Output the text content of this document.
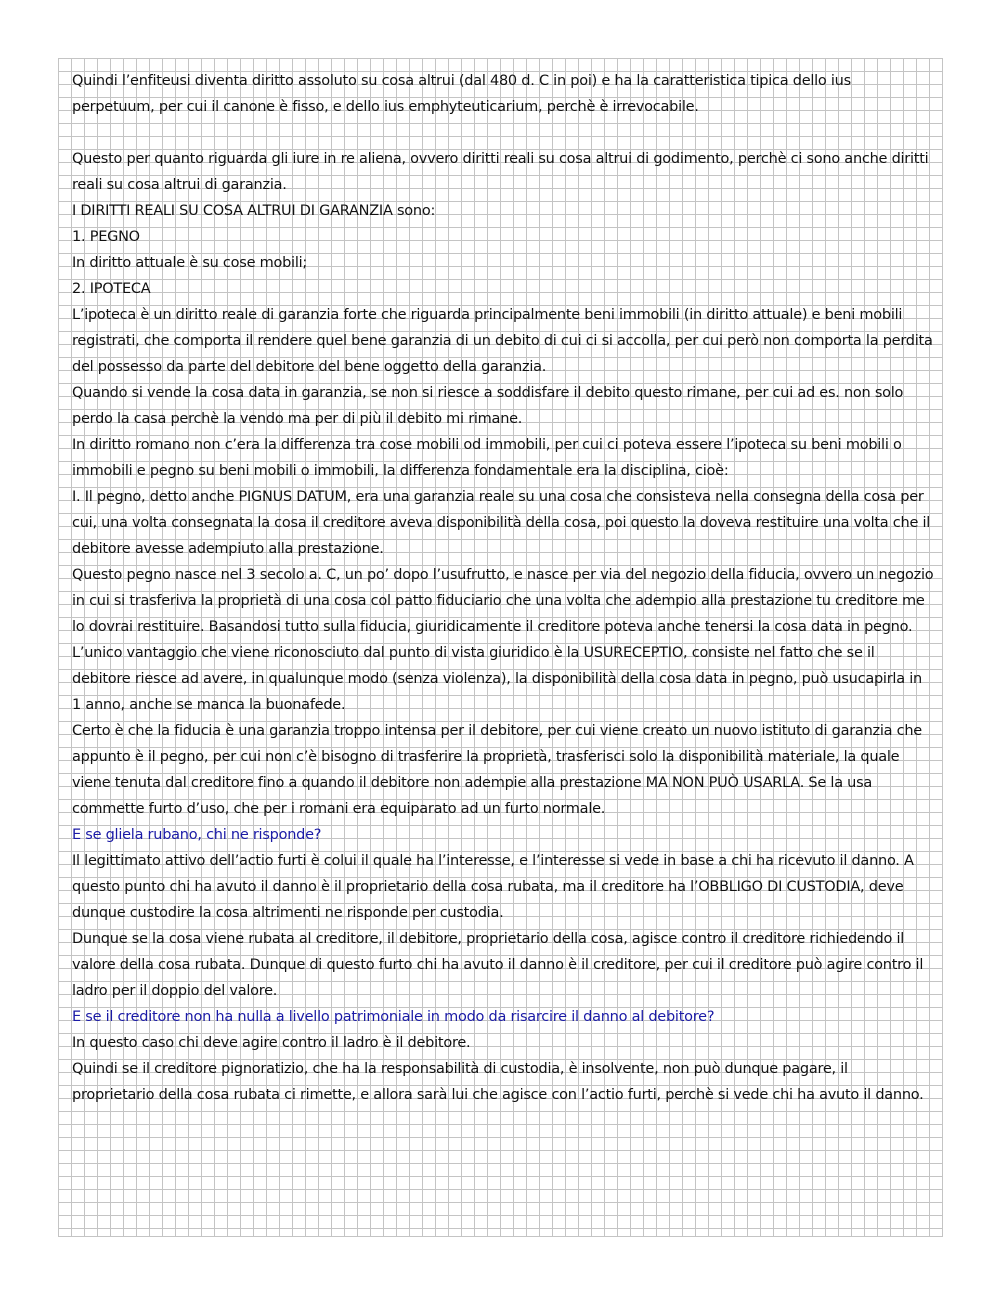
Quindi l’enfiteusi diventa diritto assoluto su cosa altrui (dal 480 d. C in poi) e ha la caratteristica tipica dello ius perpetuum, per cui il canone è fisso, e dello ius emphyteuticarium, perchè è irrevocabile.

Questo per quanto riguarda gli iure in re aliena, ovvero diritti reali su cosa altrui di godimento, perchè ci sono anche diritti reali su cosa altrui di garanzia.

I DIRITTI REALI SU COSA ALTRUI DI GARANZIA sono:

1. PEGNO

In diritto attuale è su cose mobili;

2. IPOTECA

L’ipoteca è un diritto reale di garanzia forte che riguarda principalmente beni immobili (in diritto attuale) e beni mobili registrati, che comporta il rendere quel bene garanzia di un debito di cui ci si accolla, per cui però non comporta la perdita del possesso da parte del debitore del bene oggetto della garanzia.

Quando si vende la cosa data in garanzia, se non si riesce a soddisfare il debito questo rimane, per cui ad es. non solo perdo la casa perchè la vendo ma per di più il debito mi rimane.

In diritto romano non c’era la differenza tra cose mobili od immobili, per cui ci poteva essere l’ipoteca su beni mobili o immobili e pegno su beni mobili o immobili, la differenza fondamentale era la disciplina, cioè:

I. Il pegno, detto anche PIGNUS DATUM, era una garanzia reale su una cosa che consisteva nella consegna della cosa per cui, una volta consegnata la cosa il creditore aveva disponibilità della cosa, poi questo la doveva restituire una volta che il debitore avesse adempiuto alla prestazione.

Questo pegno nasce nel 3 secolo a. C, un po’ dopo l’usufrutto, e nasce per via del negozio della fiducia, ovvero un negozio in cui si trasferiva la proprietà di una cosa col patto fiduciario che una volta che adempio alla prestazione tu creditore me lo dovrai restituire. Basandosi tutto sulla fiducia, giuridicamente il creditore poteva anche tenersi la cosa data in pegno. L’unico vantaggio che viene riconosciuto dal punto di vista giuridico è la USURECEPTIO, consiste nel fatto che se il debitore riesce ad avere, in qualunque modo (senza violenza), la disponibilità della cosa data in pegno, può usucapirla in 1 anno, anche se manca la buonafede.

Certo è che la fiducia è una garanzia troppo intensa per il debitore, per cui viene creato un nuovo istituto di garanzia che appunto è il pegno, per cui non c’è bisogno di trasferire la proprietà, trasferisci solo la disponibilità materiale, la quale viene tenuta dal creditore fino a quando il debitore non adempie alla prestazione MA NON PUÒ USARLA. Se la usa commette furto d’uso, che per i romani era equiparato ad un furto normale.

E se gliela rubano, chi ne risponde?

Il legittimato attivo dell’actio furti è colui il quale ha l’interesse, e l’interesse si vede in base a chi ha ricevuto il danno. A questo punto chi ha avuto il danno è il proprietario della cosa rubata, ma il creditore ha l’OBBLIGO DI CUSTODIA, deve dunque custodire la cosa altrimenti ne risponde per custodia.

Dunque se la cosa viene rubata al creditore, il debitore, proprietario della cosa, agisce contro il creditore richiedendo il valore della cosa rubata. Dunque di questo furto chi ha avuto il danno è il creditore, per cui il creditore può agire contro il ladro per il doppio del valore.

E se il creditore non ha nulla a livello patrimoniale in modo da risarcire il danno al debitore?

In questo caso chi deve agire contro il ladro è il debitore.

Quindi se il creditore pignoratizio, che ha la responsabilità di custodia, è insolvente, non può dunque pagare, il proprietario della cosa rubata ci rimette, e allora sarà lui che agisce con l’actio furti, perchè si vede chi ha avuto il danno.
